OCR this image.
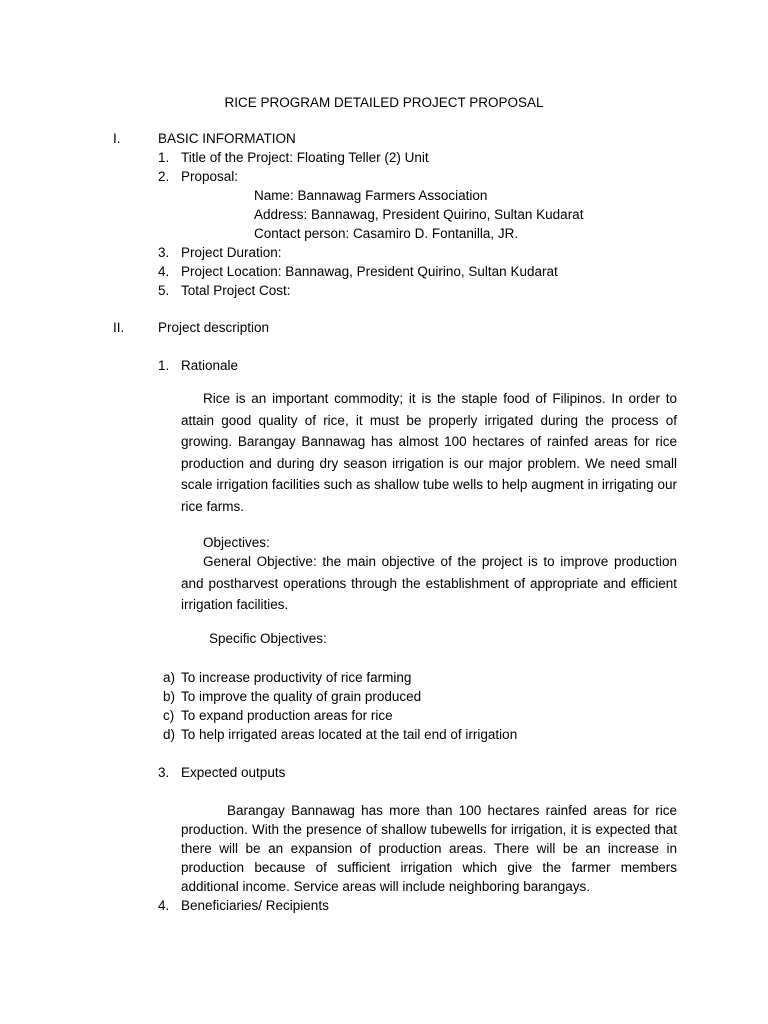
RICE PROGRAM DETAILED PROJECT PROPOSAL
I.	BASIC INFORMATION
1. Title of the Project: Floating Teller (2) Unit
2. Proposal:
Name: Bannawag Farmers Association
Address: Bannawag, President Quirino, Sultan Kudarat
Contact person: Casamiro D. Fontanilla, JR.
3. Project Duration:
4. Project Location: Bannawag, President Quirino, Sultan Kudarat
5. Total Project Cost:
II. Project description
1. Rationale
Rice is an important commodity; it is the staple food of Filipinos. In order to attain good quality of rice, it must be properly irrigated during the process of growing. Barangay Bannawag has almost 100 hectares of rainfed areas for rice production and during dry season irrigation is our major problem. We need small scale irrigation facilities such as shallow tube wells to help augment in irrigating our rice farms.
Objectives:
General Objective: the main objective of the project is to improve production and postharvest operations through the establishment of appropriate and efficient irrigation facilities.
Specific Objectives:
a) To increase productivity of rice farming
b) To improve the quality of grain produced
c) To expand production areas for rice
d) To help irrigated areas located at the tail end of irrigation
3. Expected outputs
Barangay Bannawag has more than 100 hectares rainfed areas for rice production. With the presence of shallow tubewells for irrigation, it is expected that there will be an expansion of production areas. There will be an increase in production because of sufficient irrigation which give the farmer members additional income. Service areas will include neighboring barangays.
4. Beneficiaries/ Recipients
